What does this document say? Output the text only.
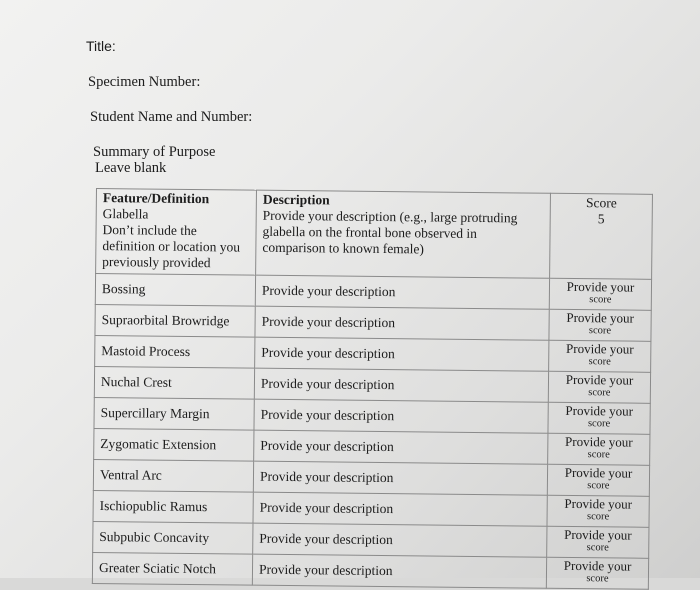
Title:
Specimen Number:
Student Name and Number:
Summary of Purpose
Leave blank
Feature/Definition
Glabella
Don’t include the
definition or location you
previously provided	Description
Provide your description (e.g., large protruding
glabella on the frontal bone observed in
comparison to known female)	Score
5

Bossing	Provide your description	Provide your
score

Supraorbital Browridge	Provide your description	Provide your
score

Mastoid Process	Provide your description	Provide your
score

Nuchal Crest	Provide your description	Provide your
score

Supercillary Margin	Provide your description	Provide your
score

Zygomatic Extension	Provide your description	Provide your
score

Ventral Arc	Provide your description	Provide your
score

Ischiopublic Ramus	Provide your description	Provide your
score

Subpubic Concavity	Provide your description	Provide your
score

Greater Sciatic Notch	Provide your description	Provide your
score
